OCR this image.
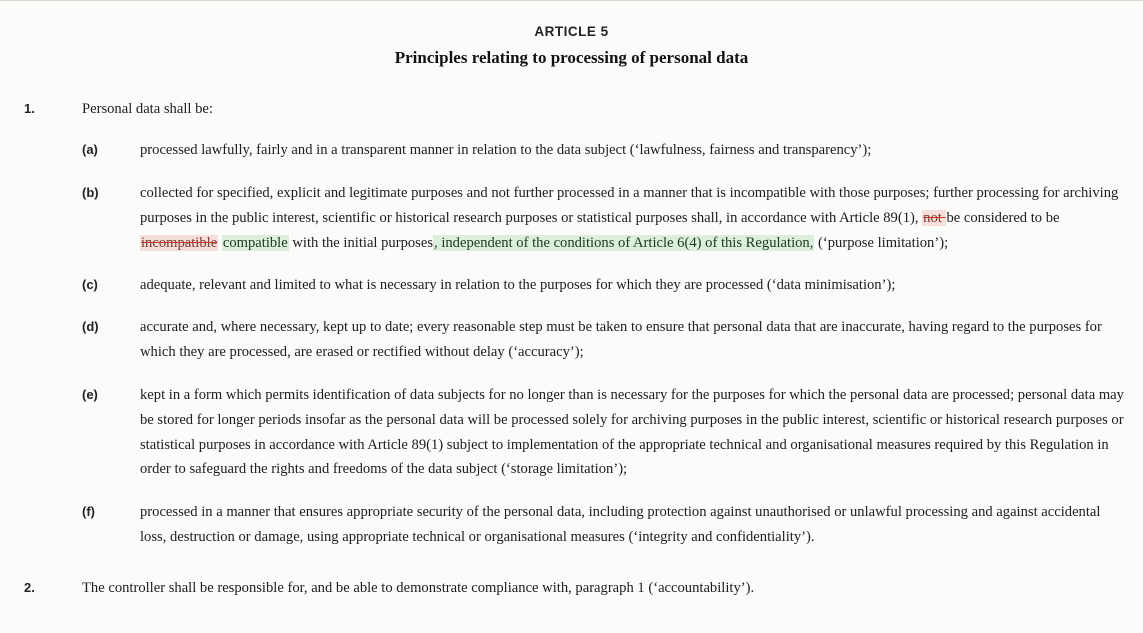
ARTICLE 5
Principles relating to processing of personal data
1.	Personal data shall be:
(a)	processed lawfully, fairly and in a transparent manner in relation to the data subject (‘lawfulness, fairness and transparency’);
(b)	collected for specified, explicit and legitimate purposes and not further processed in a manner that is incompatible with those purposes; further processing for archiving purposes in the public interest, scientific or historical research purposes or statistical purposes shall, in accordance with Article 89(1), not be considered to be incompatible compatible with the initial purposes, independent of the conditions of Article 6(4) of this Regulation, (‘purpose limitation’);
(c)	adequate, relevant and limited to what is necessary in relation to the purposes for which they are processed (‘data minimisation’);
(d)	accurate and, where necessary, kept up to date; every reasonable step must be taken to ensure that personal data that are inaccurate, having regard to the purposes for which they are processed, are erased or rectified without delay (‘accuracy’);
(e)	kept in a form which permits identification of data subjects for no longer than is necessary for the purposes for which the personal data are processed; personal data may be stored for longer periods insofar as the personal data will be processed solely for archiving purposes in the public interest, scientific or historical research purposes or statistical purposes in accordance with Article 89(1) subject to implementation of the appropriate technical and organisational measures required by this Regulation in order to safeguard the rights and freedoms of the data subject (‘storage limitation’);
(f)	processed in a manner that ensures appropriate security of the personal data, including protection against unauthorised or unlawful processing and against accidental loss, destruction or damage, using appropriate technical or organisational measures (‘integrity and confidentiality’).
2.	The controller shall be responsible for, and be able to demonstrate compliance with, paragraph 1 (‘accountability’).
